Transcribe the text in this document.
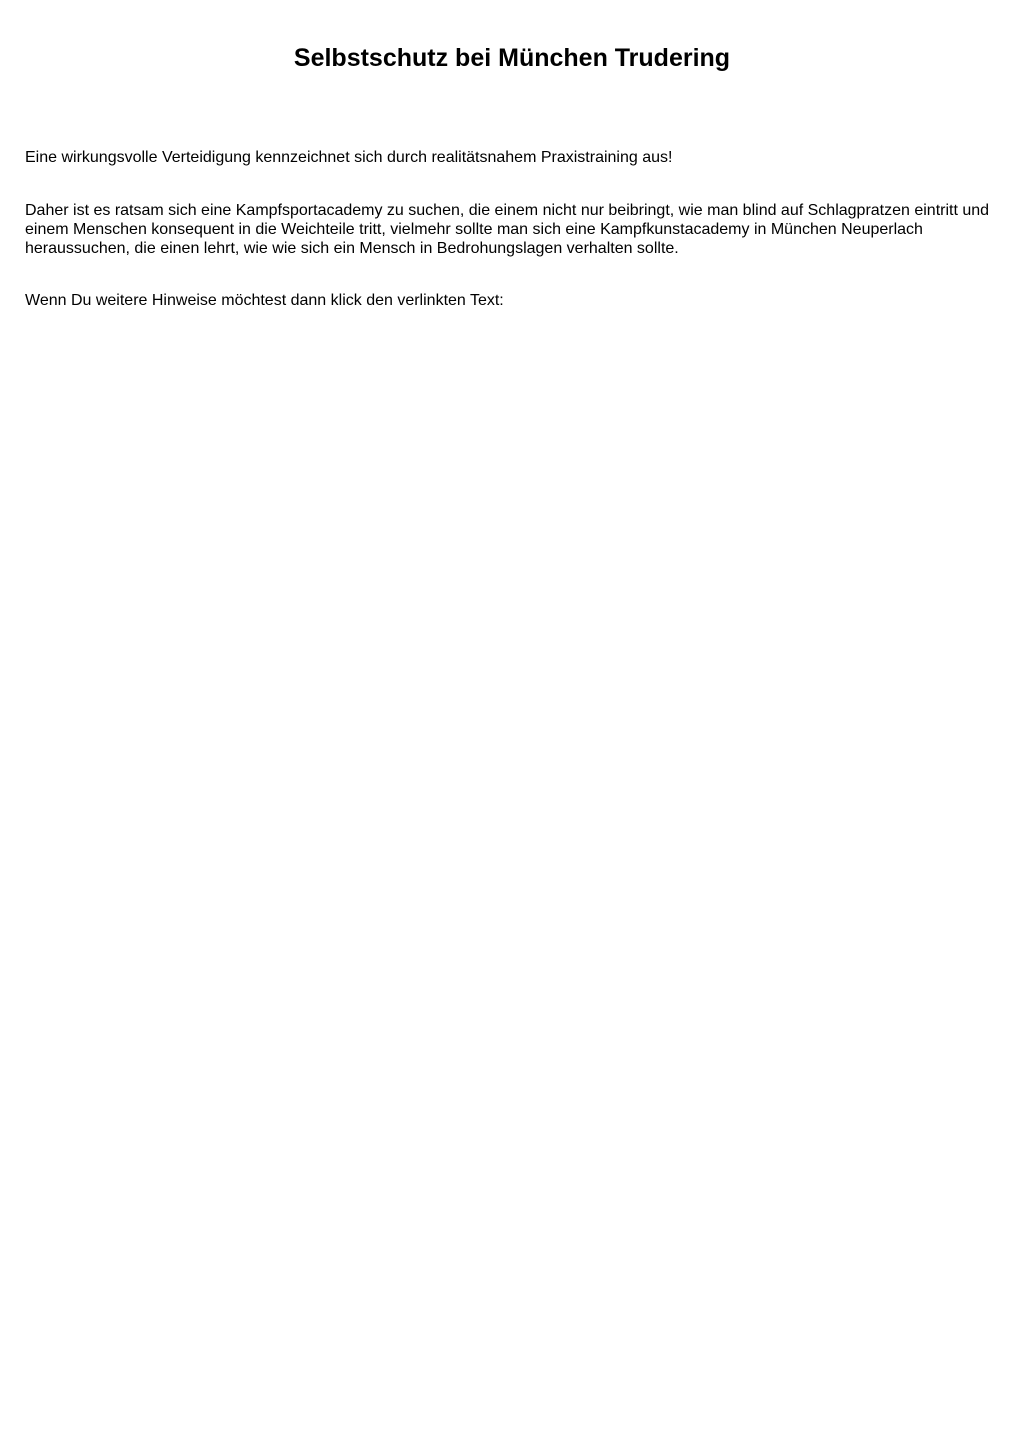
Selbstschutz bei München Trudering

Eine wirkungsvolle Verteidigung kennzeichnet sich durch realitätsnahem Praxistraining aus!

Daher ist es ratsam sich eine Kampfsportacademy zu suchen, die einem nicht nur beibringt, wie man blind auf Schlagpratzen eintritt und einem Menschen konsequent in die Weichteile tritt, vielmehr sollte man sich eine Kampfkunstacademy in München Neuperlach heraussuchen, die einen lehrt, wie wie sich ein Mensch in Bedrohungslagen verhalten sollte.

Wenn Du weitere Hinweise möchtest dann klick den verlinkten Text:
